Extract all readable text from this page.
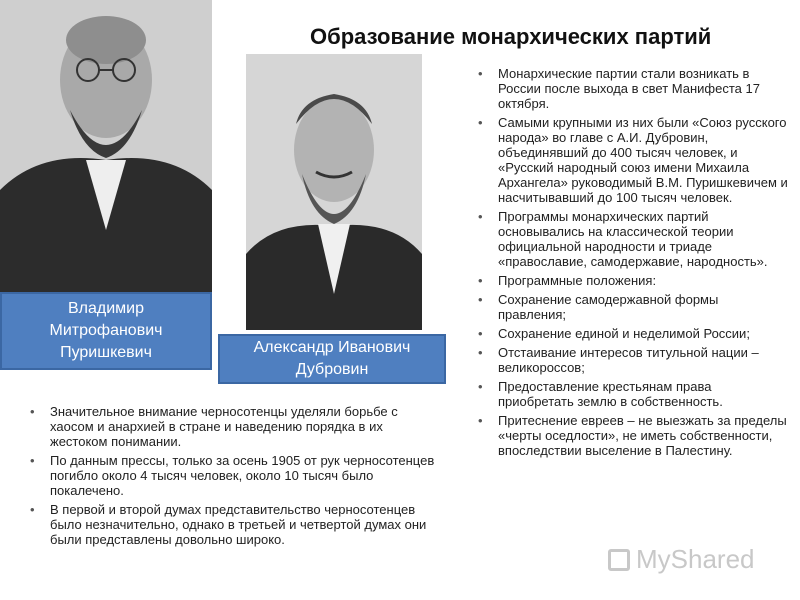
Образование монархических партий
Владимир
Митрофанович
Пуришкевич	Александр Иванович
Дубровин
• Монархические партии стали возникать в России после выхода в свет Манифеста 17 октября.
• Самыми крупными из них были «Союз русского народа» во главе с А.И. Дубровин, объединявший до 400 тысяч человек, и «Русский народный союз имени Михаила Архангела» руководимый В.М. Пуришкевичем и насчитывавший до 100 тысяч человек.
• Программы монархических партий основывались на классической теории официальной народности и триаде «православие, самодержавие, народность».
• Программные положения:
• Сохранение самодержавной формы правления;
• Сохранение единой и неделимой России;
• Отстаивание интересов титульной нации – великороссов;
• Предоставление крестьянам права приобретать землю в собственность.
• Притеснение евреев – не выезжать за пределы «черты оседлости», не иметь собственности, впоследствии выселение в Палестину.
• Значительное внимание черносотенцы уделяли борьбе с хаосом и анархией в стране и наведению порядка в их жестоком понимании.
• По данным прессы, только за осень 1905 от рук черносотенцев погибло около 4 тысяч человек, около 10 тысяч было покалечено.
• В первой и второй думах представительство черносотенцев было незначительно, однако в третьей и четвертой думах они были представлены довольно широко.
MyShared
